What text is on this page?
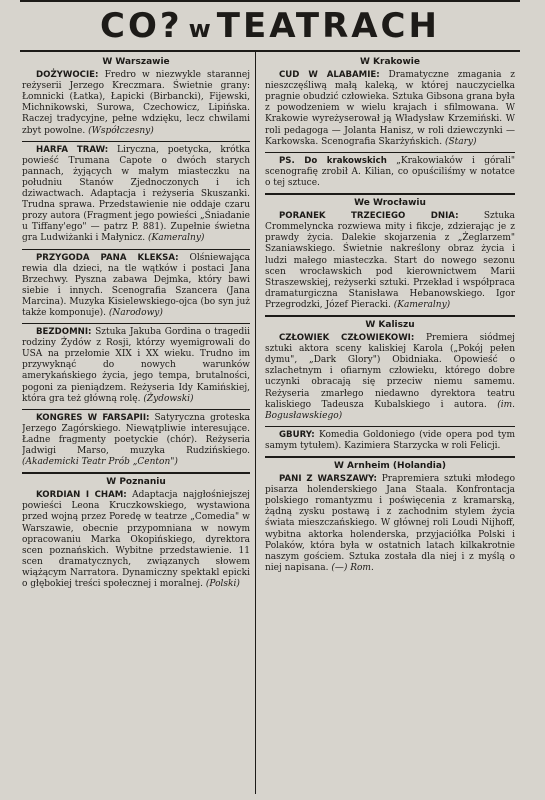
CO? w TEATRACH
W Warszawie

DOŻYWOCIE: Fredro w niezwykle starannej reżyserii Jerzego Kreczmara. Świetnie grany: Łomnicki (Łatka), Łapicki (Birbancki), Fijewski, Michnikowski, Surowa, Czechowicz, Lipińska. Raczej tradycyjne, pełne wdzięku, lecz chwilami zbyt powolne. (Współczesny)

HARFA TRAW: Liryczna, poetycka, krótka powieść Trumana Capote o dwóch starych pannach, żyjących w małym miasteczku na południu Stanów Zjednoczonych i ich dziwactwach. Adaptacja i reżyseria Skuszanki. Trudna sprawa. Przedstawienie nie oddaje czaru prozy autora (Fragment jego powieści „Śniadanie u Tiffany'ego" — patrz P. 881). Zupełnie świetna gra Ludwiżanki i Małynicz. (Kameralny)

PRZYGODA PANA KLEKSA: Olśniewająca rewia dla dzieci, na tle wątków i postaci Jana Brzechwy. Pyszna zabawa Dejmka, który bawi siebie i innych. Scenografia Szancera (Jana Marcina). Muzyka Kisielewskiego-ojca (bo syn już także komponuje). (Narodowy)

BEZDOMNI: Sztuka Jakuba Gordina o tragedii rodziny Żydów z Rosji, którzy wyemigrowali do USA na przełomie XIX i XX wieku. Trudno im przywyknąć do nowych warunków amerykańskiego życia, jego tempa, brutalności, pogoni za pieniądzem. Reżyseria Idy Kamińskiej, która gra też główną rolę. (Żydowski)

KONGRES W FARSAPII: Satyryczna groteska Jerzego Zagórskiego. Niewątpliwie interesujące. Ładne fragmenty poetyckie (chór). Reżyseria Jadwigi Marso, muzyka Rudzińskiego. (Akademicki Teatr Prób „Centon")

W Poznaniu

KORDIAN I CHAM: Adaptacja najgłośniejszej powieści Leona Kruczkowskiego, wystawiona przed wojną przez Poredę w teatrze „Comedia" w Warszawie, obecnie przypomniana w nowym opracowaniu Marka Okopińskiego, dyrektora scen poznańskich. Wybitne przedstawienie. 11 scen dramatycznych, związanych słowem wiążącym Narratora. Dynamiczny spektakl epicki o głębokiej treści społecznej i moralnej. (Polski)

W Krakowie

CUD W ALABAMIE: Dramatyczne zmagania z nieszczęśliwą małą kaleką, w której nauczycielka pragnie obudzić człowieka. Sztuka Gibsona grana była z powodzeniem w wielu krajach i sfilmowana. W Krakowie wyreżyserował ją Władysław Krzemiński. W roli pedagoga — Jolanta Hanisz, w roli dziewczynki — Karkowska. Scenografia Skarżyńskich. (Stary)

PS. Do krakowskich „Krakowiaków i górali" scenografię zrobił A. Kilian, co opuściliśmy w notatce o tej sztuce.

We Wrocławiu

PORANEK TRZECIEGO DNIA:	Sztuka Crommelyncka rozwiewa mity i fikcje, zdzierając je z prawdy życia. Dalekie skojarzenia z „Żeglarzem" Szaniawskiego. Świetnie nakreślony obraz życia i ludzi małego miasteczka. Start do nowego sezonu scen wrocławskich pod kierownictwem Marii Straszewskiej, reżyserki sztuki. Przekład i współpraca dramaturgiczna Stanisława Hebanowskiego. Igor Przegrodzki, Józef Pieracki. (Kameralny)

W Kaliszu

CZŁOWIEK CZŁOWIEKOWI: Premiera siódmej sztuki aktora sceny kaliskiej Karola („Pokój pełen dymu", „Dark Glory") Obidniaka. Opowieść o szlachetnym i ofiarnym człowieku, którego dobre uczynki obracają się przeciw niemu samemu. Reżyseria zmarłego niedawno dyrektora teatru kaliskiego Tadeusza Kubalskiego i autora. (im. Bogusławskiego)

GBURY: Komedia Goldoniego (vide opera pod tym samym tytułem). Kazimiera Starzycka w roli Felicji.

W Arnheim (Holandia)

PANI Z WARSZAWY: Prapremiera sztuki młodego pisarza holenderskiego Jana Staala. Konfrontacja polskiego romantyzmu i poświęcenia z kramarską, żądną zysku postawą i z zachodnim stylem życia świata mieszczańskiego. W głównej roli Loudi Nijhoff, wybitna aktorka holenderska, przyjaciółka Polski i Polaków, która była w ostatnich latach kilkakrotnie naszym gościem. Sztuka została dla niej i z myślą o niej napisana. (—) Rom.
